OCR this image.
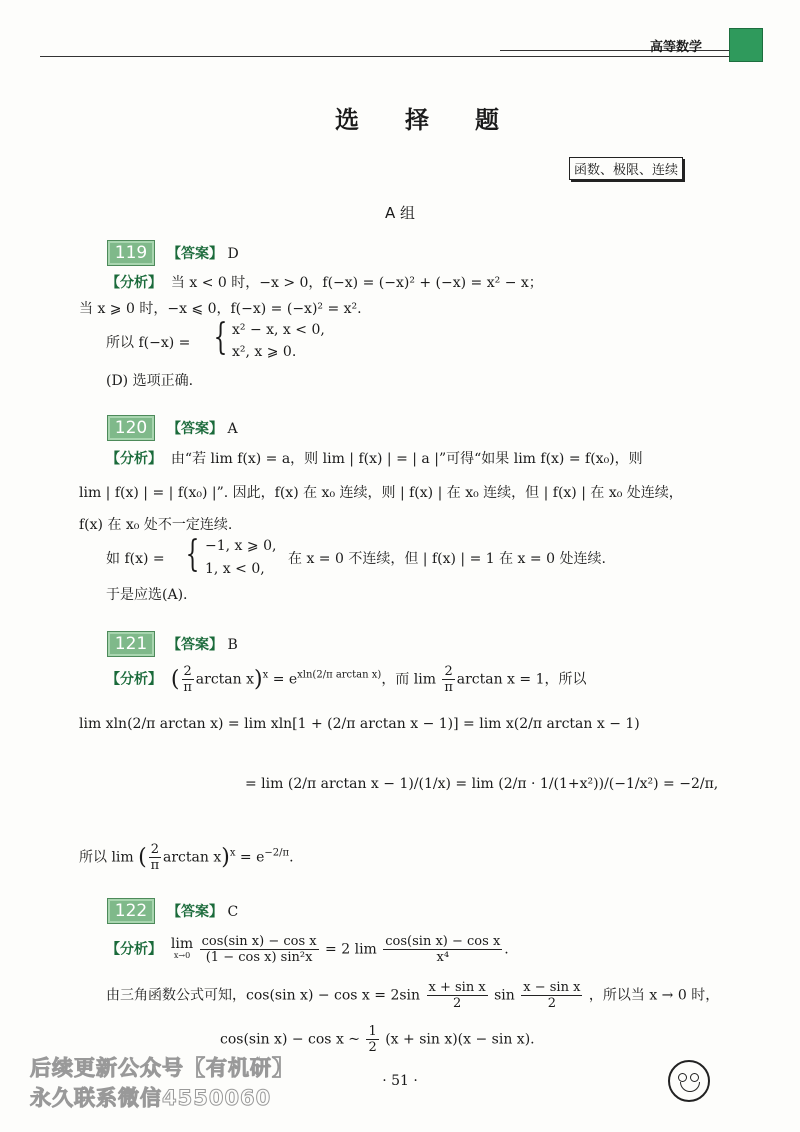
高等数学
选择题
函数、极限、连续
A 组
119	【答案】 D
【分析】 当 x < 0 时，−x > 0，f(−x) = (−x)² + (−x) = x² − x；
当 x ⩾ 0 时，−x ⩽ 0，f(−x) = (−x)² = x².
所以 f(−x) = { x² − x, x < 0,
x², x ⩾ 0.
(D) 选项正确.
120	【答案】 A
【分析】 由“若 lim f(x) = a，则 lim | f(x) | = | a |”可得“如果 lim f(x) = f(x₀)，则
lim | f(x) | = | f(x₀) |”. 因此，f(x) 在 x₀ 连续，则 | f(x) | 在 x₀ 连续，但 | f(x) | 在 x₀ 处连续，
f(x) 在 x₀ 处不一定连续.
如 f(x) = { −1, x ⩾ 0,
1, x < 0,
在 x = 0 不连续，但 | f(x) | = 1 在 x = 0 处连续.
于是应选(A).
121	【答案】 B
【分析】 ( $\frac{2}{\pi}$ $\arctan x)^x = e^{xln(2/\pi arctan x)}$，而 $\lim \frac{2}{\pi}$ arctan x = 1，所以
lim xln(2/π arctan x) = lim xln[1 + (2/π arctan x − 1)] = lim x(2/π arctan x − 1)
= lim (2/π arctan x − 1)/(1/x) = lim (2/π · 1/(1+x²))/(−1/x²) = −2/π,
所以 lim ( $\frac{2}{\pi}$ $\arctan x)^x = e^{-2/\pi}$.
122	【答案】 C
【分析】 lim
x→0
$\frac{\text{cos(sin x) − cos x}}{\text{(1 − cos x) sin²x}} = 2$ $\lim \frac{\text{cos(sin x) − cos x}}{\text{x⁴}}$ .
由三角函数公式可知，cos(sin $x) - \cos x = 2\sin \frac{\text{x + sin x}}{2}$ $\sin \frac{\text{x − sin x}}{2}$ ，所以当 x → 0 时，
cos(sin x) − cos x ~ $\frac{1}{2} (x + \sin x)(x - \sin x)$.
· 51 ·
后续更新公众号【有机研】
永久联系微信4550060
